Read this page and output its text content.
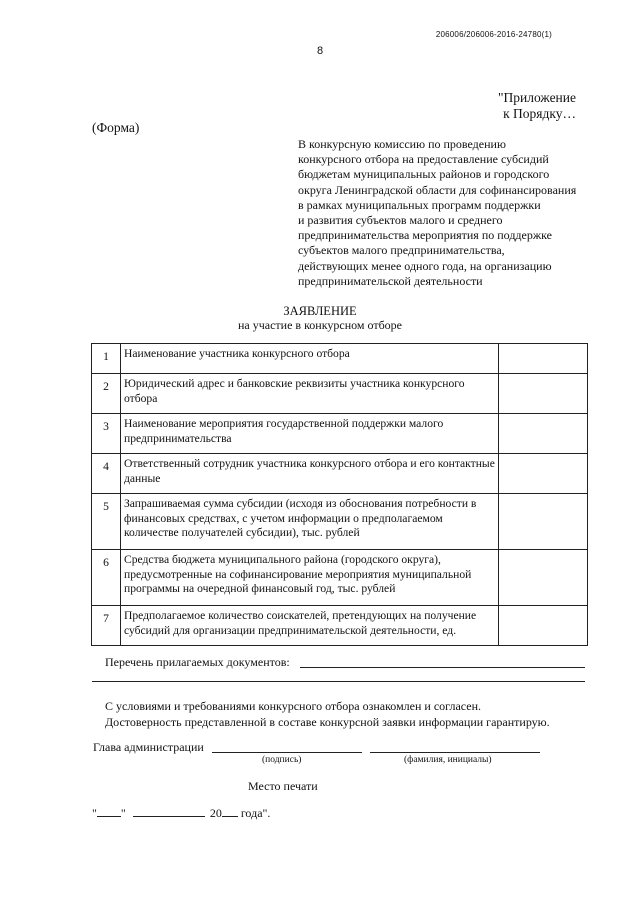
206006/206006-2016-24780(1)
8
"Приложение
к Порядку…
(Форма)
В конкурсную комиссию по проведению
конкурсного отбора на предоставление субсидий
бюджетам муниципальных районов и городского
округа Ленинградской области для софинансирования
в рамках муниципальных программ поддержки
и развития субъектов малого и среднего
предпринимательства мероприятия по поддержке
субъектов малого предпринимательства,
действующих менее одного года, на организацию
предпринимательской деятельности
ЗАЯВЛЕНИЕ
на участие в конкурсном отборе
1	Наименование участника конкурсного отбора	
2	Юридический адрес и банковские реквизиты участника конкурсного отбора	
3	Наименование мероприятия государственной поддержки малого предпринимательства	
4	Ответственный сотрудник участника конкурсного отбора и его контактные данные	
5	Запрашиваемая сумма субсидии (исходя из обоснования потребности в финансовых средствах, с учетом информации о предполагаемом количестве получателей субсидии), тыс. рублей	
6	Средства бюджета муниципального района (городского округа), предусмотренные на софинансирование мероприятия муниципальной программы на очередной финансовый год, тыс. рублей	
7	Предполагаемое количество соискателей, претендующих на получение субсидий для организации предпринимательской деятельности, ед.	
Перечень прилагаемых документов:
С условиями и требованиями конкурсного отбора ознакомлен и согласен.
Достоверность представленной в составе конкурсной заявки информации гарантирую.
Глава администрации
(подпись)	(фамилия, инициалы)
Место печати
" "	20 года".
